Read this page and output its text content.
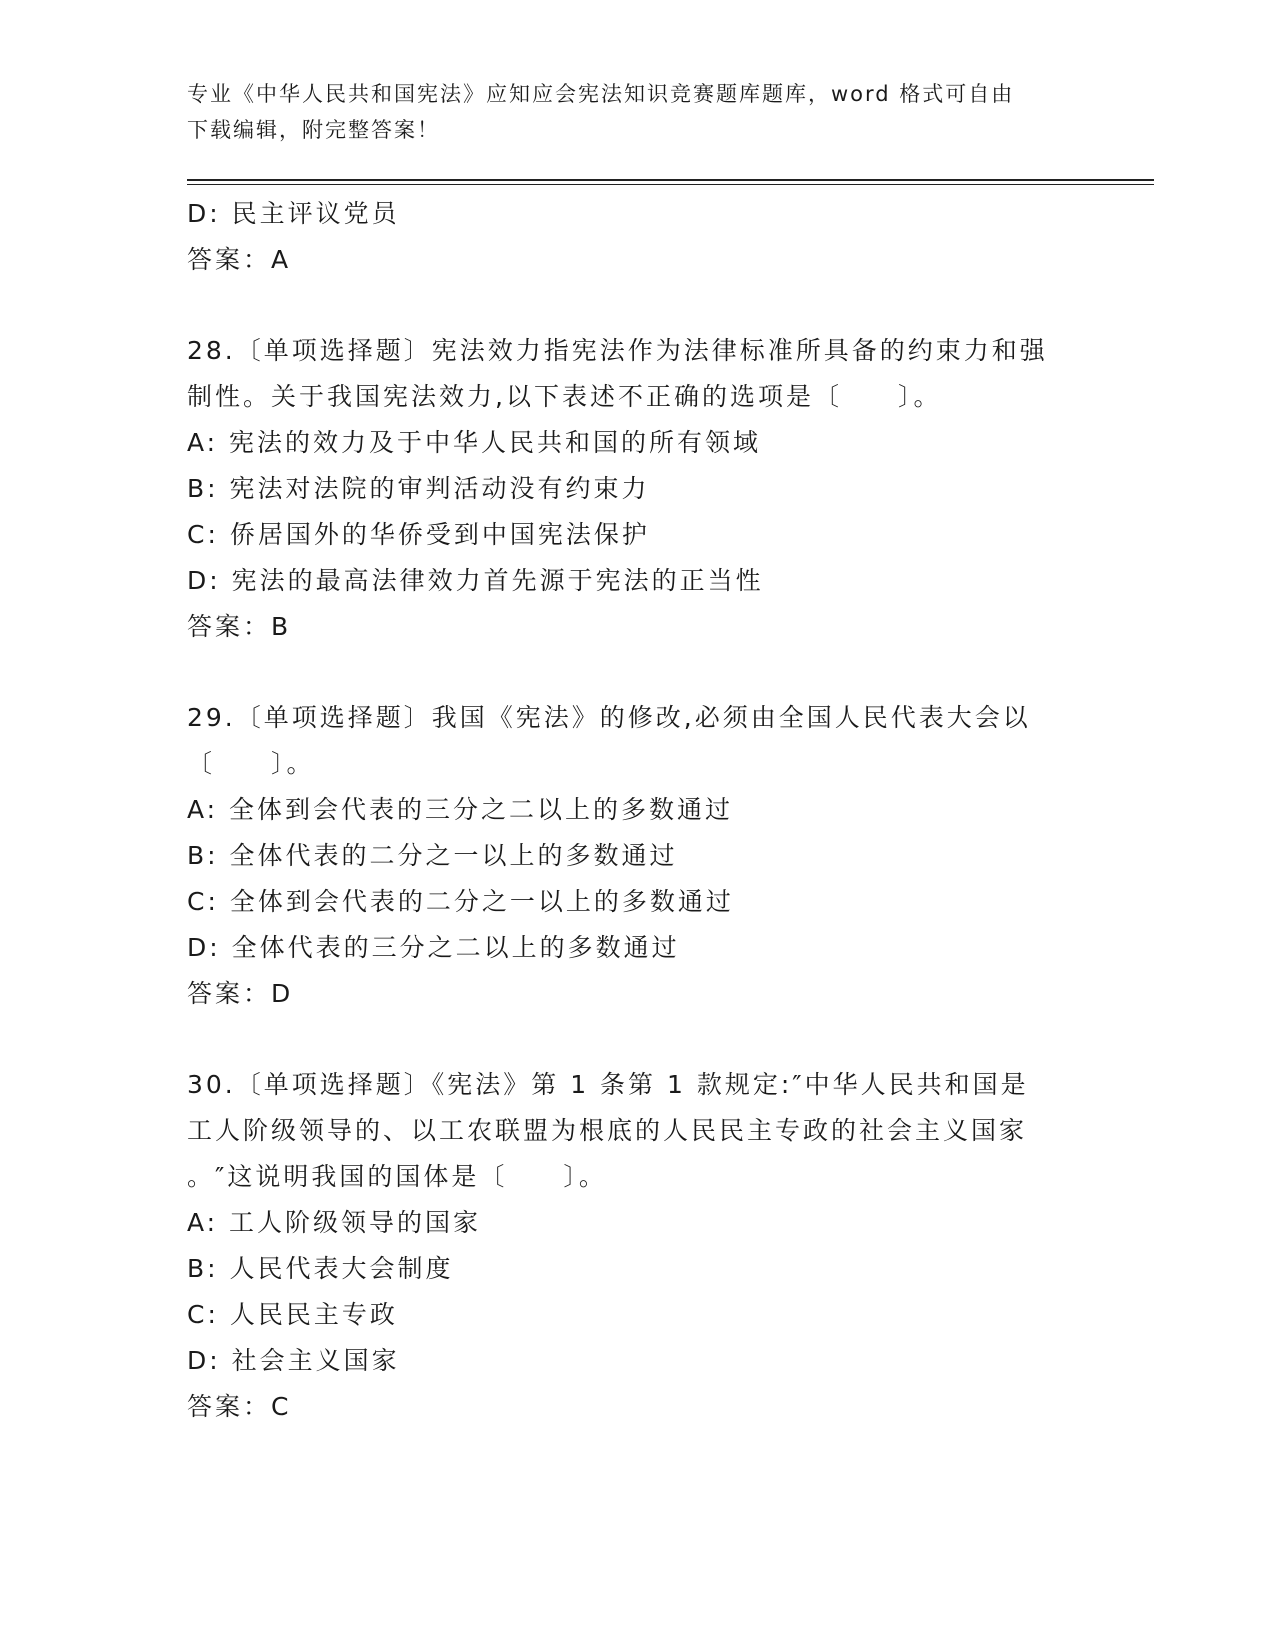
专业《中华人民共和国宪法》应知应会宪法知识竞赛题库题库，word 格式可自由
下载编辑，附完整答案！
D: 民主评议党员
答案：A
28.〔单项选择题〕宪法效力指宪法作为法律标准所具备的约束力和强
制性。关于我国宪法效力,以下表述不正确的选项是〔　　〕。
A: 宪法的效力及于中华人民共和国的所有领域
B: 宪法对法院的审判活动没有约束力
C: 侨居国外的华侨受到中国宪法保护
D: 宪法的最高法律效力首先源于宪法的正当性
答案：B
29.〔单项选择题〕我国《宪法》的修改,必须由全国人民代表大会以
〔　　〕。
A: 全体到会代表的三分之二以上的多数通过
B: 全体代表的二分之一以上的多数通过
C: 全体到会代表的二分之一以上的多数通过
D: 全体代表的三分之二以上的多数通过
答案：D
30.〔单项选择题〕《宪法》第 1 条第 1 款规定:″中华人民共和国是
工人阶级领导的、以工农联盟为根底的人民民主专政的社会主义国家
。″这说明我国的国体是〔　　〕。
A: 工人阶级领导的国家
B: 人民代表大会制度
C: 人民民主专政
D: 社会主义国家
答案：C
